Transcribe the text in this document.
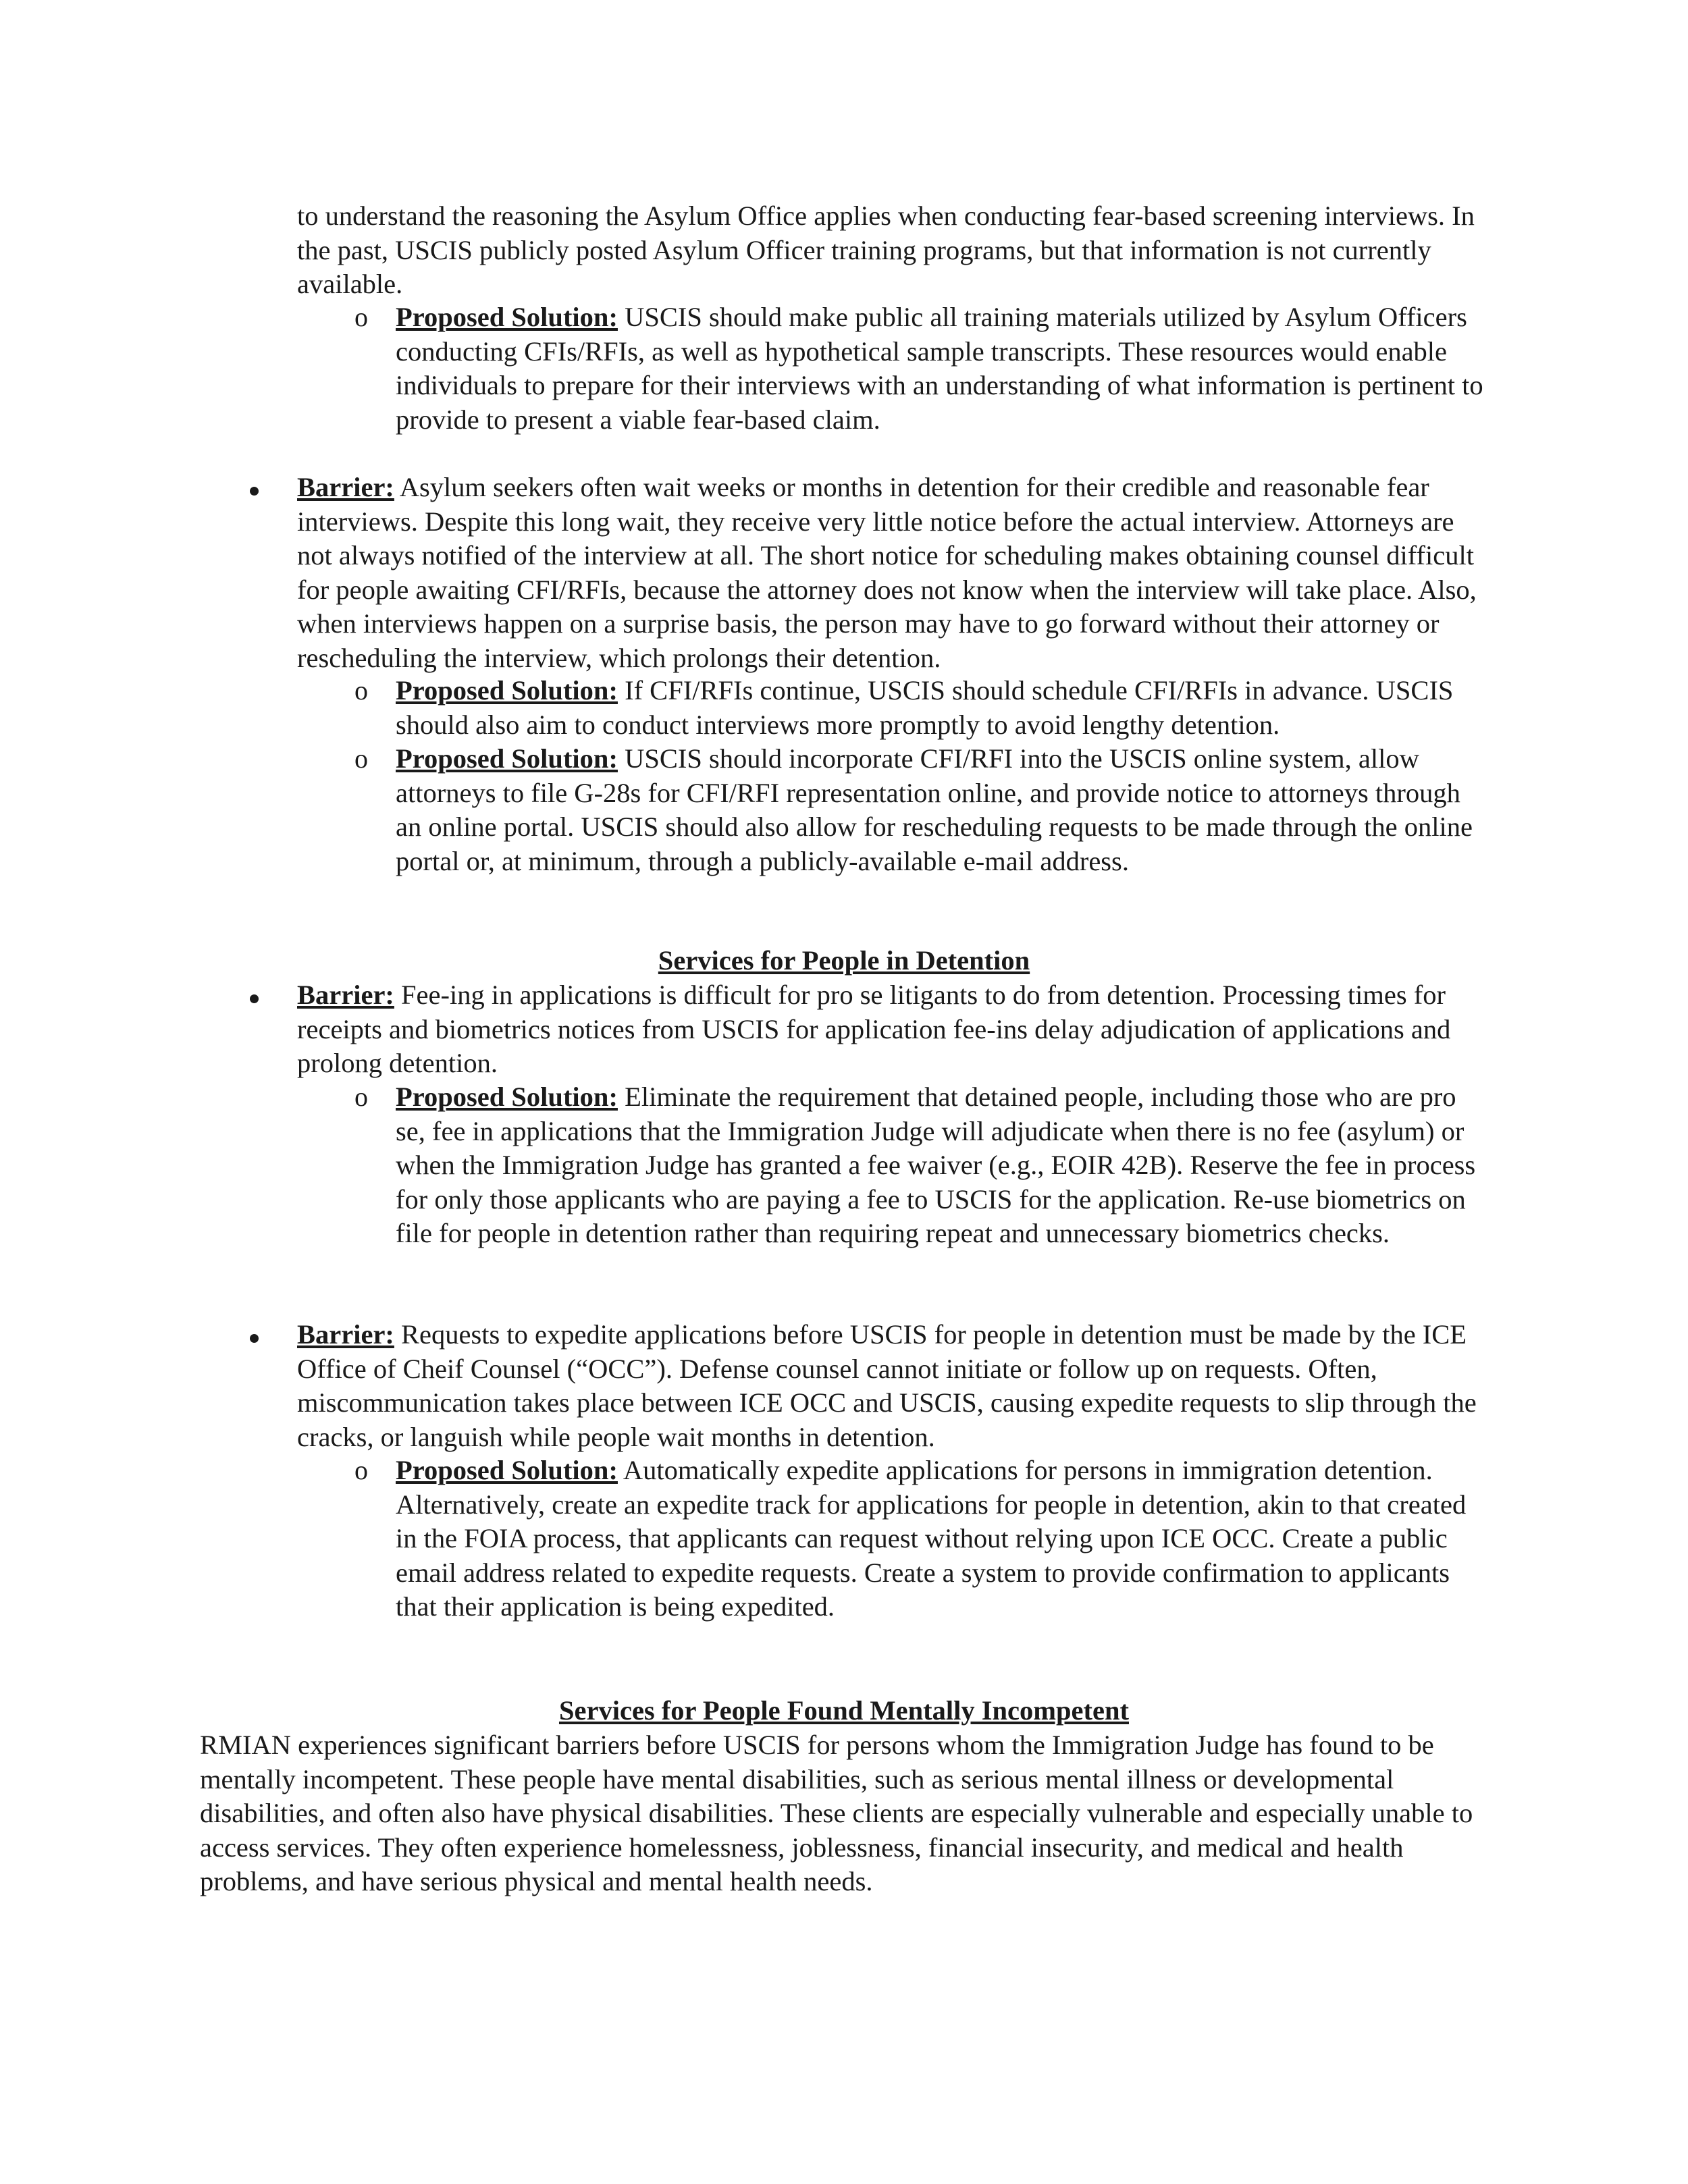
to understand the reasoning the Asylum Office applies when conducting fear-based screening interviews. In the past, USCIS publicly posted Asylum Officer training programs, but that information is not currently available.

o Proposed Solution: USCIS should make public all training materials utilized by Asylum Officers conducting CFIs/RFIs, as well as hypothetical sample transcripts. These resources would enable individuals to prepare for their interviews with an understanding of what information is pertinent to provide to present a viable fear-based claim.

Barrier: Asylum seekers often wait weeks or months in detention for their credible and reasonable fear interviews. Despite this long wait, they receive very little notice before the actual interview. Attorneys are not always notified of the interview at all. The short notice for scheduling makes obtaining counsel difficult for people awaiting CFI/RFIs, because the attorney does not know when the interview will take place. Also, when interviews happen on a surprise basis, the person may have to go forward without their attorney or rescheduling the interview, which prolongs their detention.

o Proposed Solution: If CFI/RFIs continue, USCIS should schedule CFI/RFIs in advance. USCIS should also aim to conduct interviews more promptly to avoid lengthy detention.

o Proposed Solution: USCIS should incorporate CFI/RFI into the USCIS online system, allow attorneys to file G-28s for CFI/RFI representation online, and provide notice to attorneys through an online portal. USCIS should also allow for rescheduling requests to be made through the online portal or, at minimum, through a publicly-available e-mail address.

Services for People in Detention

Barrier: Fee-ing in applications is difficult for pro se litigants to do from detention. Processing times for receipts and biometrics notices from USCIS for application fee-ins delay adjudication of applications and prolong detention.

o Proposed Solution: Eliminate the requirement that detained people, including those who are pro se, fee in applications that the Immigration Judge will adjudicate when there is no fee (asylum) or when the Immigration Judge has granted a fee waiver (e.g., EOIR 42B). Reserve the fee in process for only those applicants who are paying a fee to USCIS for the application. Re-use biometrics on file for people in detention rather than requiring repeat and unnecessary biometrics checks.

Barrier: Requests to expedite applications before USCIS for people in detention must be made by the ICE Office of Cheif Counsel (“OCC”). Defense counsel cannot initiate or follow up on requests. Often, miscommunication takes place between ICE OCC and USCIS, causing expedite requests to slip through the cracks, or languish while people wait months in detention.

o Proposed Solution: Automatically expedite applications for persons in immigration detention. Alternatively, create an expedite track for applications for people in detention, akin to that created in the FOIA process, that applicants can request without relying upon ICE OCC. Create a public email address related to expedite requests. Create a system to provide confirmation to applicants that their application is being expedited.

Services for People Found Mentally Incompetent

RMIAN experiences significant barriers before USCIS for persons whom the Immigration Judge has found to be mentally incompetent. These people have mental disabilities, such as serious mental illness or developmental disabilities, and often also have physical disabilities. These clients are especially vulnerable and especially unable to access services. They often experience homelessness, joblessness, financial insecurity, and medical and health problems, and have serious physical and mental health needs.
